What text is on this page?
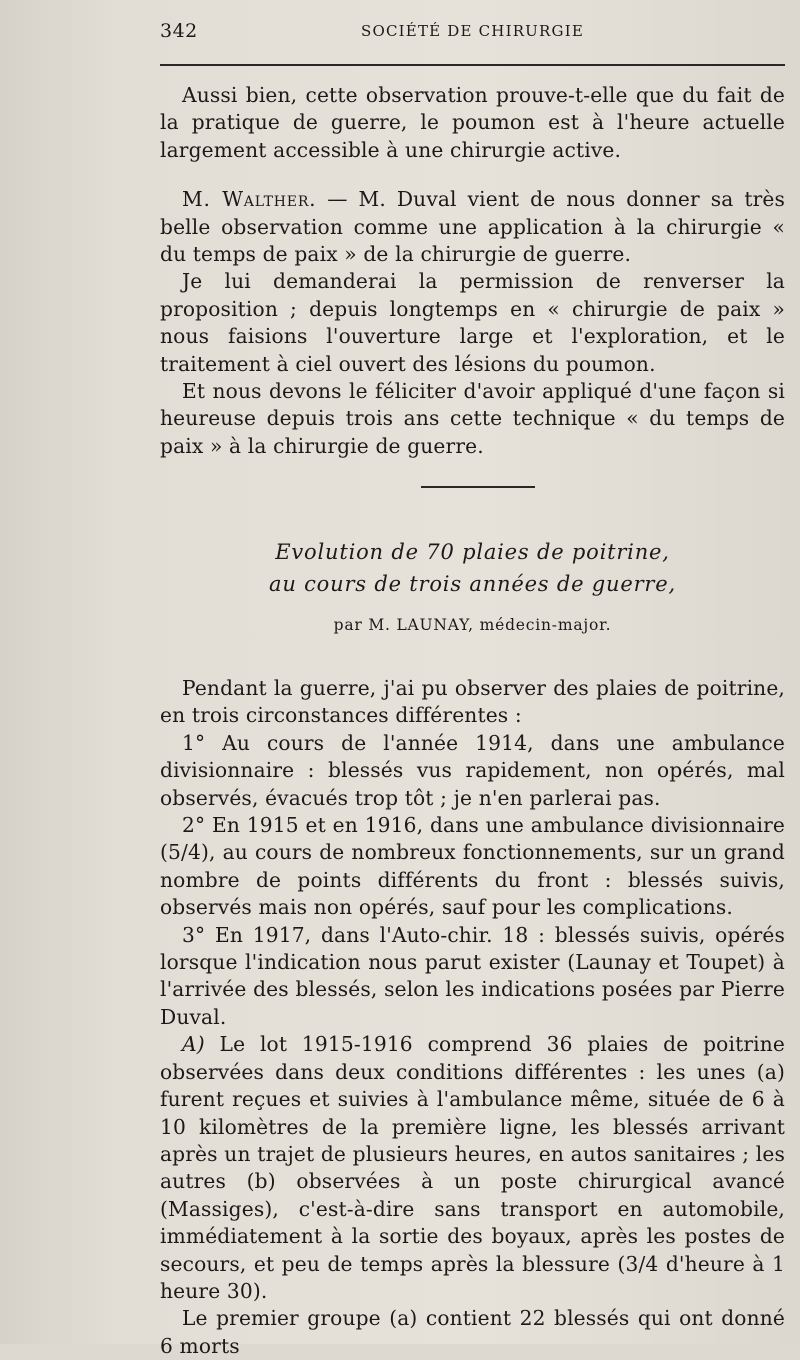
342	SOCIÉTÉ DE CHIRURGIE

Aussi bien, cette observation prouve-t-elle que du fait de la pratique de guerre, le poumon est à l'heure actuelle largement accessible à une chirurgie active.

M. Walther. — M. Duval vient de nous donner sa très belle observation comme une application à la chirurgie « du temps de paix » de la chirurgie de guerre.

Je lui demanderai la permission de renverser la proposition ; depuis longtemps en « chirurgie de paix » nous faisions l'ouverture large et l'exploration, et le traitement à ciel ouvert des lésions du poumon.

Et nous devons le féliciter d'avoir appliqué d'une façon si heureuse depuis trois ans cette technique « du temps de paix » à la chirurgie de guerre.

Evolution de 70 plaies de poitrine,

au cours de trois années de guerre,

par M. LAUNAY, médecin-major.

Pendant la guerre, j'ai pu observer des plaies de poitrine, en trois circonstances différentes :

1° Au cours de l'année 1914, dans une ambulance divisionnaire : blessés vus rapidement, non opérés, mal observés, évacués trop tôt ; je n'en parlerai pas.

2° En 1915 et en 1916, dans une ambulance divisionnaire (5/4), au cours de nombreux fonctionnements, sur un grand nombre de points différents du front : blessés suivis, observés mais non opérés, sauf pour les complications.

3° En 1917, dans l'Auto-chir. 18 : blessés suivis, opérés lorsque l'indication nous parut exister (Launay et Toupet) à l'arrivée des blessés, selon les indications posées par Pierre Duval.

A) Le lot 1915-1916 comprend 36 plaies de poitrine observées dans deux conditions différentes : les unes (a) furent reçues et suivies à l'ambulance même, située de 6 à 10 kilomètres de la première ligne, les blessés arrivant après un trajet de plusieurs heures, en autos sanitaires ; les autres (b) observées à un poste chirurgical avancé (Massiges), c'est-à-dire sans transport en automobile, immédiatement à la sortie des boyaux, après les postes de secours, et peu de temps après la blessure (3/4 d'heure à 1 heure 30).

Le premier groupe (a) contient 22 blessés qui ont donné 6 morts
